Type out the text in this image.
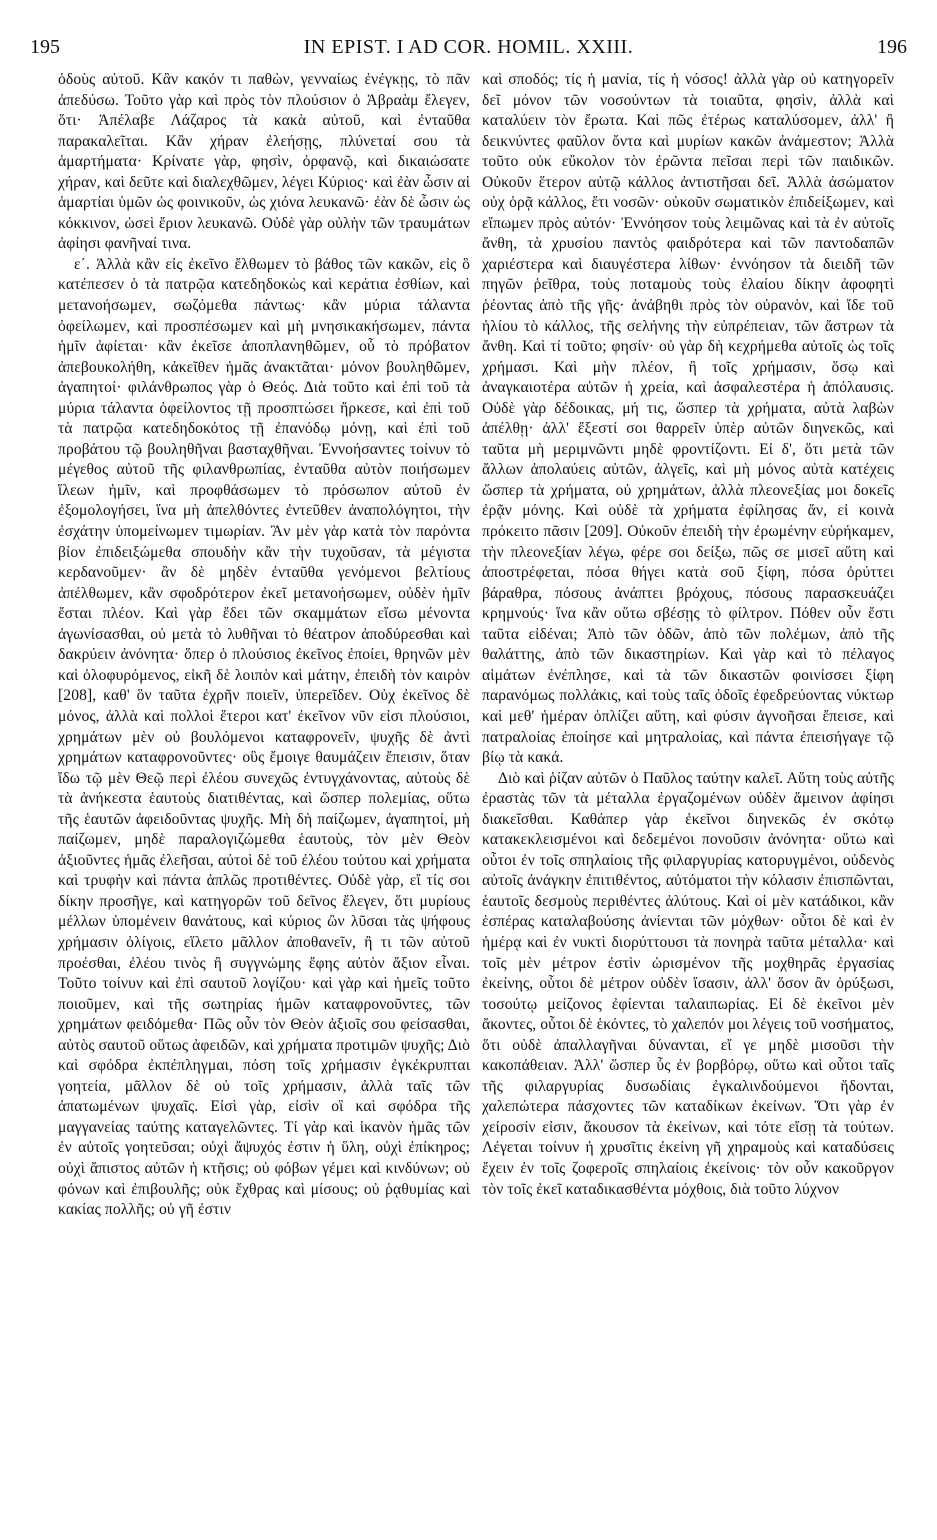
195	IN EPIST. I AD COR. HOMIL. XXIII.	196

ὁδοὺς αὐτοῦ. Κἂν κακόν τι παθὼν, γενναίως ἐνέγκῃς, τὸ πᾶν ἀπεδύσω. Τοῦτο γὰρ καὶ πρὸς τὸν πλούσιον ὁ Ἀβραὰμ ἔλεγεν, ὅτι· Ἀπέλαβε Λάζαρος τὰ κακὰ αὐτοῦ, καὶ ἐνταῦθα παρακαλεῖται. Κἂν χήραν ἐλεήσῃς, πλύνεταί σου τὰ ἁμαρτήματα· Κρίνατε γὰρ, φησὶν, ὀρφανῷ, καὶ δικαιώσατε χήραν, καὶ δεῦτε καὶ διαλεχθῶμεν, λέγει Κύριος· καὶ ἐὰν ὦσιν αἱ ἁμαρτίαι ὑμῶν ὡς φοινικοῦν, ὡς χιόνα λευκανῶ· ἐὰν δὲ ὦσιν ὡς κόκκινον, ὡσεὶ ἔριον λευκανῶ. Οὐδὲ γὰρ οὐλὴν τῶν τραυμάτων ἀφίησι φανῆναί τινα.

ε΄. Ἀλλὰ κἂν εἰς ἐκεῖνο ἔλθωμεν τὸ βάθος τῶν κακῶν, εἰς ὃ κατέπεσεν ὁ τὰ πατρῷα κατεδηδοκὼς καὶ κεράτια ἐσθίων, καὶ μετανοήσωμεν, σωζόμεθα πάντως· κἂν μύρια τάλαντα ὀφείλωμεν, καὶ προσπέσωμεν καὶ μὴ μνησικακήσωμεν, πάντα ἡμῖν ἀφίεται· κἂν ἐκεῖσε ἀποπλανηθῶμεν, οὗ τὸ πρόβατον ἀπεβουκολήθη, κἀκεῖθεν ἡμᾶς ἀνακτᾶται· μόνον βουληθῶμεν, ἀγαπητοί· φιλάνθρωπος γὰρ ὁ Θεός. Διὰ τοῦτο καὶ ἐπὶ τοῦ τὰ μύρια τάλαντα ὀφείλοντος τῇ προσπτώσει ἤρκεσε, καὶ ἐπὶ τοῦ τὰ πατρῷα κατεδηδοκότος τῇ ἐπανόδῳ μόνῃ, καὶ ἐπὶ τοῦ προβάτου τῷ βουληθῆναι βασταχθῆναι. Ἐννοήσαντες τοίνυν τὸ μέγεθος αὐτοῦ τῆς φιλανθρωπίας, ἐνταῦθα αὐτὸν ποιήσωμεν ἵλεων ἡμῖν, καὶ προφθάσωμεν τὸ πρόσωπον αὐτοῦ ἐν ἐξομολογήσει, ἵνα μὴ ἀπελθόντες ἐντεῦθεν ἀναπολόγητοι, τὴν ἐσχάτην ὑπομείνωμεν τιμωρίαν. Ἂν μὲν γὰρ κατὰ τὸν παρόντα βίον ἐπιδειξώμεθα σπουδὴν κἂν τὴν τυχοῦσαν, τὰ μέγιστα κερδανοῦμεν· ἂν δὲ μηδὲν ἐνταῦθα γενόμενοι βελτίους ἀπέλθωμεν, κἂν σφοδρότερον ἐκεῖ μετανοήσωμεν, οὐδὲν ἡμῖν ἔσται πλέον. Καὶ γὰρ ἔδει τῶν σκαμμάτων εἴσω μένοντα ἀγωνίσασθαι, οὐ μετὰ τὸ λυθῆναι τὸ θέατρον ἀποδύρεσθαι καὶ δακρύειν ἀνόνητα· ὅπερ ὁ πλούσιος ἐκεῖνος ἐποίει, θρηνῶν μὲν καὶ ὀλοφυρόμενος, εἰκῆ δὲ λοιπὸν καὶ μάτην, ἐπειδὴ τὸν καιρὸν [208], καθ' ὃν ταῦτα ἐχρῆν ποιεῖν, ὑπερεῖδεν. Οὐχ ἐκεῖνος δὲ μόνος, ἀλλὰ καὶ πολλοὶ ἕτεροι κατ' ἐκεῖνον νῦν εἰσι πλούσιοι, χρημάτων μὲν οὐ βουλόμενοι καταφρονεῖν, ψυχῆς δὲ ἀντὶ χρημάτων καταφρονοῦντες· οὓς ἔμοιγε θαυμάζειν ἔπεισιν, ὅταν ἴδω τῷ μὲν Θεῷ περὶ ἐλέου συνεχῶς ἐντυγχάνοντας, αὐτοὺς δὲ τὰ ἀνήκεστα ἑαυτοὺς διατιθέντας, καὶ ὥσπερ πολεμίας, οὕτω τῆς ἑαυτῶν ἀφειδοῦντας ψυχῆς. Μὴ δὴ παίζωμεν, ἀγαπητοί, μὴ παίζωμεν, μηδὲ παραλογιζώμεθα ἑαυτοὺς, τὸν μὲν Θεὸν ἀξιοῦντες ἡμᾶς ἐλεῆσαι, αὐτοὶ δὲ τοῦ ἐλέου τούτου καὶ χρήματα καὶ τρυφὴν καὶ πάντα ἁπλῶς προτιθέντες. Οὐδὲ γὰρ, εἴ τίς σοι δίκην προσῆγε, καὶ κατηγορῶν τοῦ δεῖνος ἔλεγεν, ὅτι μυρίους μέλλων ὑπομένειν θανάτους, καὶ κύριος ὢν λῦσαι τὰς ψήφους χρήμασιν ὀλίγοις, εἵλετο μᾶλλον ἀποθανεῖν, ἢ τι τῶν αὐτοῦ προέσθαι, ἐλέου τινὸς ἢ συγγνώμης ἔφης αὐτὸν ἄξιον εἶναι. Τοῦτο τοίνυν καὶ ἐπὶ σαυτοῦ λογίζου· καὶ γὰρ καὶ ἡμεῖς τοῦτο ποιοῦμεν, καὶ τῆς σωτηρίας ἡμῶν καταφρονοῦντες, τῶν χρημάτων φειδόμεθα· Πῶς οὖν τὸν Θεὸν ἀξιοῖς σου φείσασθαι, αὐτὸς σαυτοῦ οὕτως ἀφειδῶν, καὶ χρήματα προτιμῶν ψυχῆς; Διὸ καὶ σφόδρα ἐκπέπληγμαι, πόση τοῖς χρήμασιν ἐγκέκρυπται γοητεία, μᾶλλον δὲ οὐ τοῖς χρήμασιν, ἀλλὰ ταῖς τῶν ἀπατωμένων ψυχαῖς. Εἰσὶ γὰρ, εἰσὶν οἳ καὶ σφόδρα τῆς μαγγανείας ταύτης καταγελῶντες. Τί γὰρ καὶ ἱκανὸν ἡμᾶς τῶν ἐν αὐτοῖς γοητεῦσαι; οὐχὶ ἄψυχός ἐστιν ἡ ὕλη, οὐχὶ ἐπίκηρος; οὐχὶ ἄπιστος αὐτῶν ἡ κτῆσις; οὐ φόβων γέμει καὶ κινδύνων; οὐ φόνων καὶ ἐπιβουλῆς; οὐκ ἔχθρας καὶ μίσους; οὐ ῥᾳθυμίας καὶ κακίας πολλῆς; οὐ γῆ ἐστιν

καὶ σποδός; τίς ἡ μανία, τίς ἡ νόσος! ἀλλὰ γὰρ οὐ κατηγορεῖν δεῖ μόνον τῶν νοσούντων τὰ τοιαῦτα, φησὶν, ἀλλὰ καὶ καταλύειν τὸν ἔρωτα. Καὶ πῶς ἐτέρως καταλύσομεν, ἀλλ' ἢ δεικνύντες φαῦλον ὄντα καὶ μυρίων κακῶν ἀνάμεστον; Ἀλλὰ τοῦτο οὐκ εὔκολον τὸν ἐρῶντα πεῖσαι περὶ τῶν παιδικῶν. Οὐκοῦν ἕτερον αὐτῷ κάλλος ἀντιστῆσαι δεῖ. Ἀλλὰ ἀσώματον οὐχ ὁρᾷ κάλλος, ἔτι νοσῶν· οὐκοῦν σωματικὸν ἐπιδείξωμεν, καὶ εἴπωμεν πρὸς αὐτόν· Ἐννόησον τοὺς λειμῶνας καὶ τὰ ἐν αὐτοῖς ἄνθη, τὰ χρυσίου παντὸς φαιδρότερα καὶ τῶν παντοδαπῶν χαριέστερα καὶ διαυγέστερα λίθων· ἐννόησον τὰ διειδῆ τῶν πηγῶν ῥεῖθρα, τοὺς ποταμοὺς τοὺς ἐλαίου δίκην ἀφοφητὶ ῥέοντας ἀπὸ τῆς γῆς· ἀνάβηθι πρὸς τὸν οὐρανὸν, καὶ ἴδε τοῦ ἡλίου τὸ κάλλος, τῆς σελήνης τὴν εὐπρέπειαν, τῶν ἄστρων τὰ ἄνθη. Καὶ τί τοῦτο; φησίν· οὐ γὰρ δὴ κεχρήμεθα αὐτοῖς ὡς τοῖς χρήμασι. Καὶ μὴν πλέον, ἢ τοῖς χρήμασιν, ὅσῳ καὶ ἀναγκαιοτέρα αὐτῶν ἡ χρεία, καὶ ἀσφαλεστέρα ἡ ἀπόλαυσις. Οὐδὲ γὰρ δέδοικας, μή τις, ὥσπερ τὰ χρήματα, αὐτὰ λαβὼν ἀπέλθῃ· ἀλλ' ἔξεστί σοι θαρρεῖν ὑπὲρ αὐτῶν διηνεκῶς, καὶ ταῦτα μὴ μεριμνῶντι μηδὲ φροντίζοντι. Εἰ δ', ὅτι μετὰ τῶν ἄλλων ἀπολαύεις αὐτῶν, ἀλγεῖς, καὶ μὴ μόνος αὐτὰ κατέχεις ὥσπερ τὰ χρήματα, οὐ χρημάτων, ἀλλὰ πλεονεξίας μοι δοκεῖς ἐρᾷν μόνης. Καὶ οὐδὲ τὰ χρήματα ἐφίλησας ἄν, εἰ κοινὰ πρόκειτο πᾶσιν [209]. Οὐκοῦν ἐπειδὴ τὴν ἐρωμένην εὑρήκαμεν, τὴν πλεονεξίαν λέγω, φέρε σοι δείξω, πῶς σε μισεῖ αὕτη καὶ ἀποστρέφεται, πόσα θήγει κατὰ σοῦ ξίφη, πόσα ὀρύττει βάραθρα, πόσους ἀνάπτει βρόχους, πόσους παρασκευάζει κρημνούς· ἵνα κἂν οὕτω σβέσῃς τὸ φίλτρον. Πόθεν οὖν ἔστι ταῦτα εἰδέναι; Ἀπὸ τῶν ὁδῶν, ἀπὸ τῶν πολέμων, ἀπὸ τῆς θαλάττης, ἀπὸ τῶν δικαστηρίων. Καὶ γὰρ καὶ τὸ πέλαγος αἱμάτων ἐνέπλησε, καὶ τὰ τῶν δικαστῶν φοινίσσει ξίφη παρανόμως πολλάκις, καὶ τοὺς ταῖς ὁδοῖς ἐφεδρεύοντας νύκτωρ καὶ μεθ' ἡμέραν ὁπλίζει αὕτη, καὶ φύσιν ἀγνοῆσαι ἔπεισε, καὶ πατραλοίας ἐποίησε καὶ μητραλοίας, καὶ πάντα ἐπεισήγαγε τῷ βίῳ τὰ κακά.

Διὸ καὶ ῥίζαν αὐτῶν ὁ Παῦλος ταύτην καλεῖ. Αὕτη τοὺς αὐτῆς ἐραστὰς τῶν τὰ μέταλλα ἐργαζομένων οὐδὲν ἄμεινον ἀφίησι διακεῖσθαι. Καθάπερ γὰρ ἐκεῖνοι διηνεκῶς ἐν σκότῳ κατακεκλεισμένοι καὶ δεδεμένοι πονοῦσιν ἀνόνητα· οὕτω καὶ οὗτοι ἐν τοῖς σπηλαίοις τῆς φιλαργυρίας κατορυγμένοι, οὐδενὸς αὐτοῖς ἀνάγκην ἐπιτιθέντος, αὐτόματοι τὴν κόλασιν ἐπισπῶνται, ἑαυτοῖς δεσμοὺς περιθέντες ἀλύτους. Καὶ οἱ μὲν κατάδικοι, κἂν ἑσπέρας καταλαβούσης ἀνίενται τῶν μόχθων· οὗτοι δὲ καὶ ἐν ἡμέρᾳ καὶ ἐν νυκτὶ διορύττουσι τὰ πονηρὰ ταῦτα μέταλλα· καὶ τοῖς μὲν μέτρον ἐστὶν ὡρισμένον τῆς μοχθηρᾶς ἐργασίας ἐκείνης, οὗτοι δὲ μέτρον οὐδὲν ἴσασιν, ἀλλ' ὅσον ἂν ὀρύξωσι, τοσούτῳ μείζονος ἐφίενται ταλαιπωρίας. Εἰ δὲ ἐκεῖνοι μὲν ἄκοντες, οὗτοι δὲ ἑκόντες, τὸ χαλεπόν μοι λέγεις τοῦ νοσήματος, ὅτι οὐδὲ ἀπαλλαγῆναι δύνανται, εἴ γε μηδὲ μισοῦσι τὴν κακοπάθειαν. Ἀλλ' ὥσπερ ὗς ἐν βορβόρῳ, οὕτω καὶ οὗτοι ταῖς τῆς φιλαργυρίας δυσωδίαις ἐγκαλινδούμενοι ἥδονται, χαλεπώτερα πάσχοντες τῶν καταδίκων ἐκείνων. Ὅτι γὰρ ἐν χείροσίν εἰσιν, ἄκουσον τὰ ἐκείνων, καὶ τότε εἴσῃ τὰ τούτων. Λέγεται τοίνυν ἡ χρυσῖτις ἐκείνη γῆ χηραμοὺς καὶ καταδύσεις ἔχειν ἐν τοῖς ζοφεροῖς σπηλαίοις ἐκείνοις· τὸν οὖν κακοῦργον τὸν τοῖς ἐκεῖ καταδικασθέντα μόχθοις, διὰ τοῦτο λύχνον
